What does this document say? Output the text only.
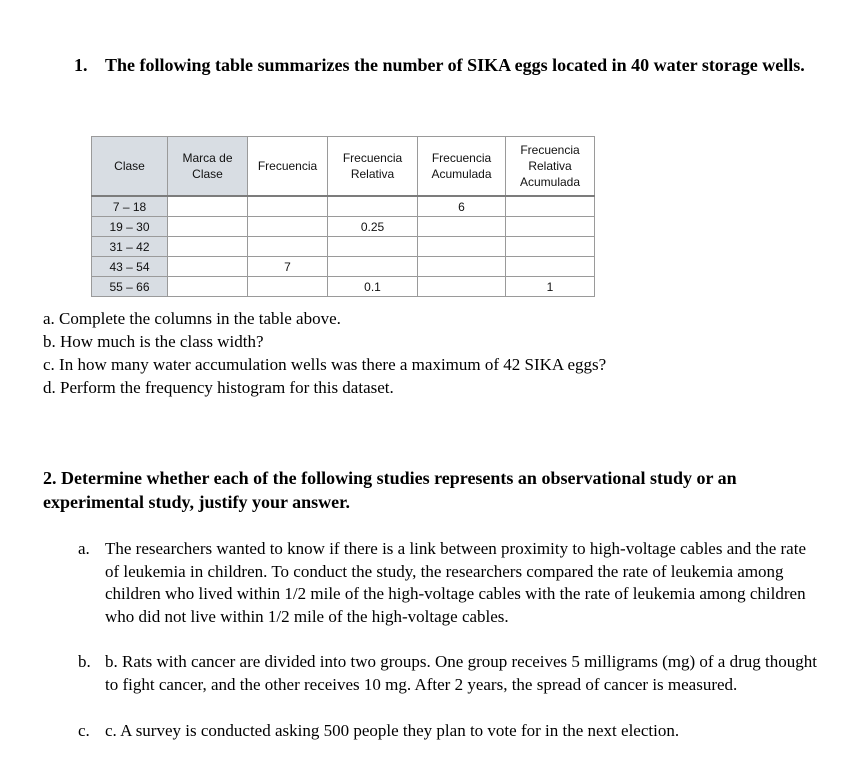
1. The following table summarizes the number of SIKA eggs located in 40 water storage wells.
Clase	Marca de Clase	Frecuencia	Frecuencia Relativa	Frecuencia Acumulada	Frecuencia Relativa Acumulada

7 – 18				6	
19 – 30			0.25		
31 – 42					
43 – 54		7			
55 – 66			0.1		1
a. Complete the columns in the table above.
b. How much is the class width?
c. In how many water accumulation wells was there a maximum of 42 SIKA eggs?
d. Perform the frequency histogram for this dataset.
2. Determine whether each of the following studies represents an observational study or an experimental study, justify your answer.
a. The researchers wanted to know if there is a link between proximity to high-voltage cables and the rate of leukemia in children. To conduct the study, the researchers compared the rate of leukemia among children who lived within 1/2 mile of the high-voltage cables with the rate of leukemia among children who did not live within 1/2 mile of the high-voltage cables.
b. b. Rats with cancer are divided into two groups. One group receives 5 milligrams (mg) of a drug thought to fight cancer, and the other receives 10 mg. After 2 years, the spread of cancer is measured.
c. c. A survey is conducted asking 500 people they plan to vote for in the next election.
